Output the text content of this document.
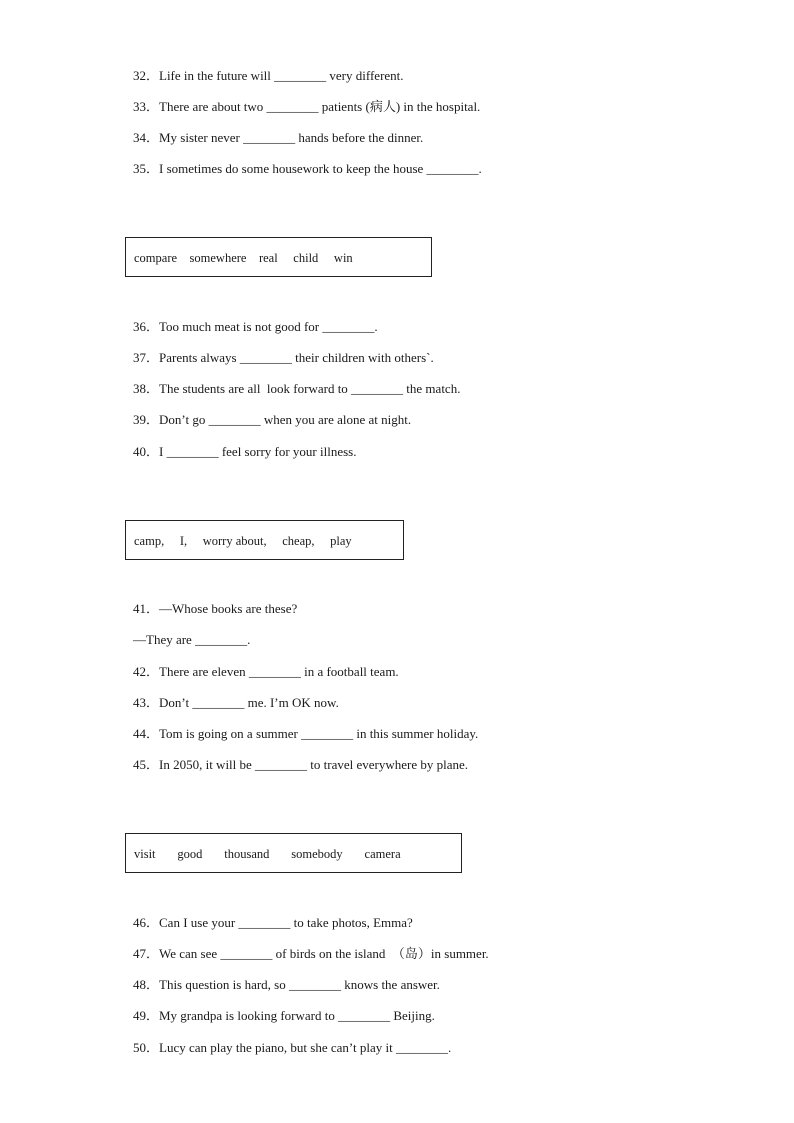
32．Life in the future will ________ very different.
33．There are about two ________ patients (病人) in the hospital.
34．My sister never ________ hands before the dinner.
35．I sometimes do some housework to keep the house ________.
compare    somewhere    real     child     win
36．Too much meat is not good for ________.
37．Parents always ________ their children with others`.
38．The students are all  look forward to ________ the match.
39．Don’t go ________ when you are alone at night.
40．I ________ feel sorry for your illness.
camp,     I,     worry about,     cheap,     play
41．—Whose books are these?
—They are ________.
42．There are eleven ________ in a football team.
43．Don’t ________ me. I’m OK now.
44．Tom is going on a summer ________ in this summer holiday.
45．In 2050, it will be ________ to travel everywhere by plane.
visit       good       thousand       somebody       camera
46．Can I use your ________ to take photos, Emma?
47．We can see ________ of birds on the island  （岛）in summer.
48．This question is hard, so ________ knows the answer.
49．My grandpa is looking forward to ________ Beijing.
50．Lucy can play the piano, but she can’t play it ________.
